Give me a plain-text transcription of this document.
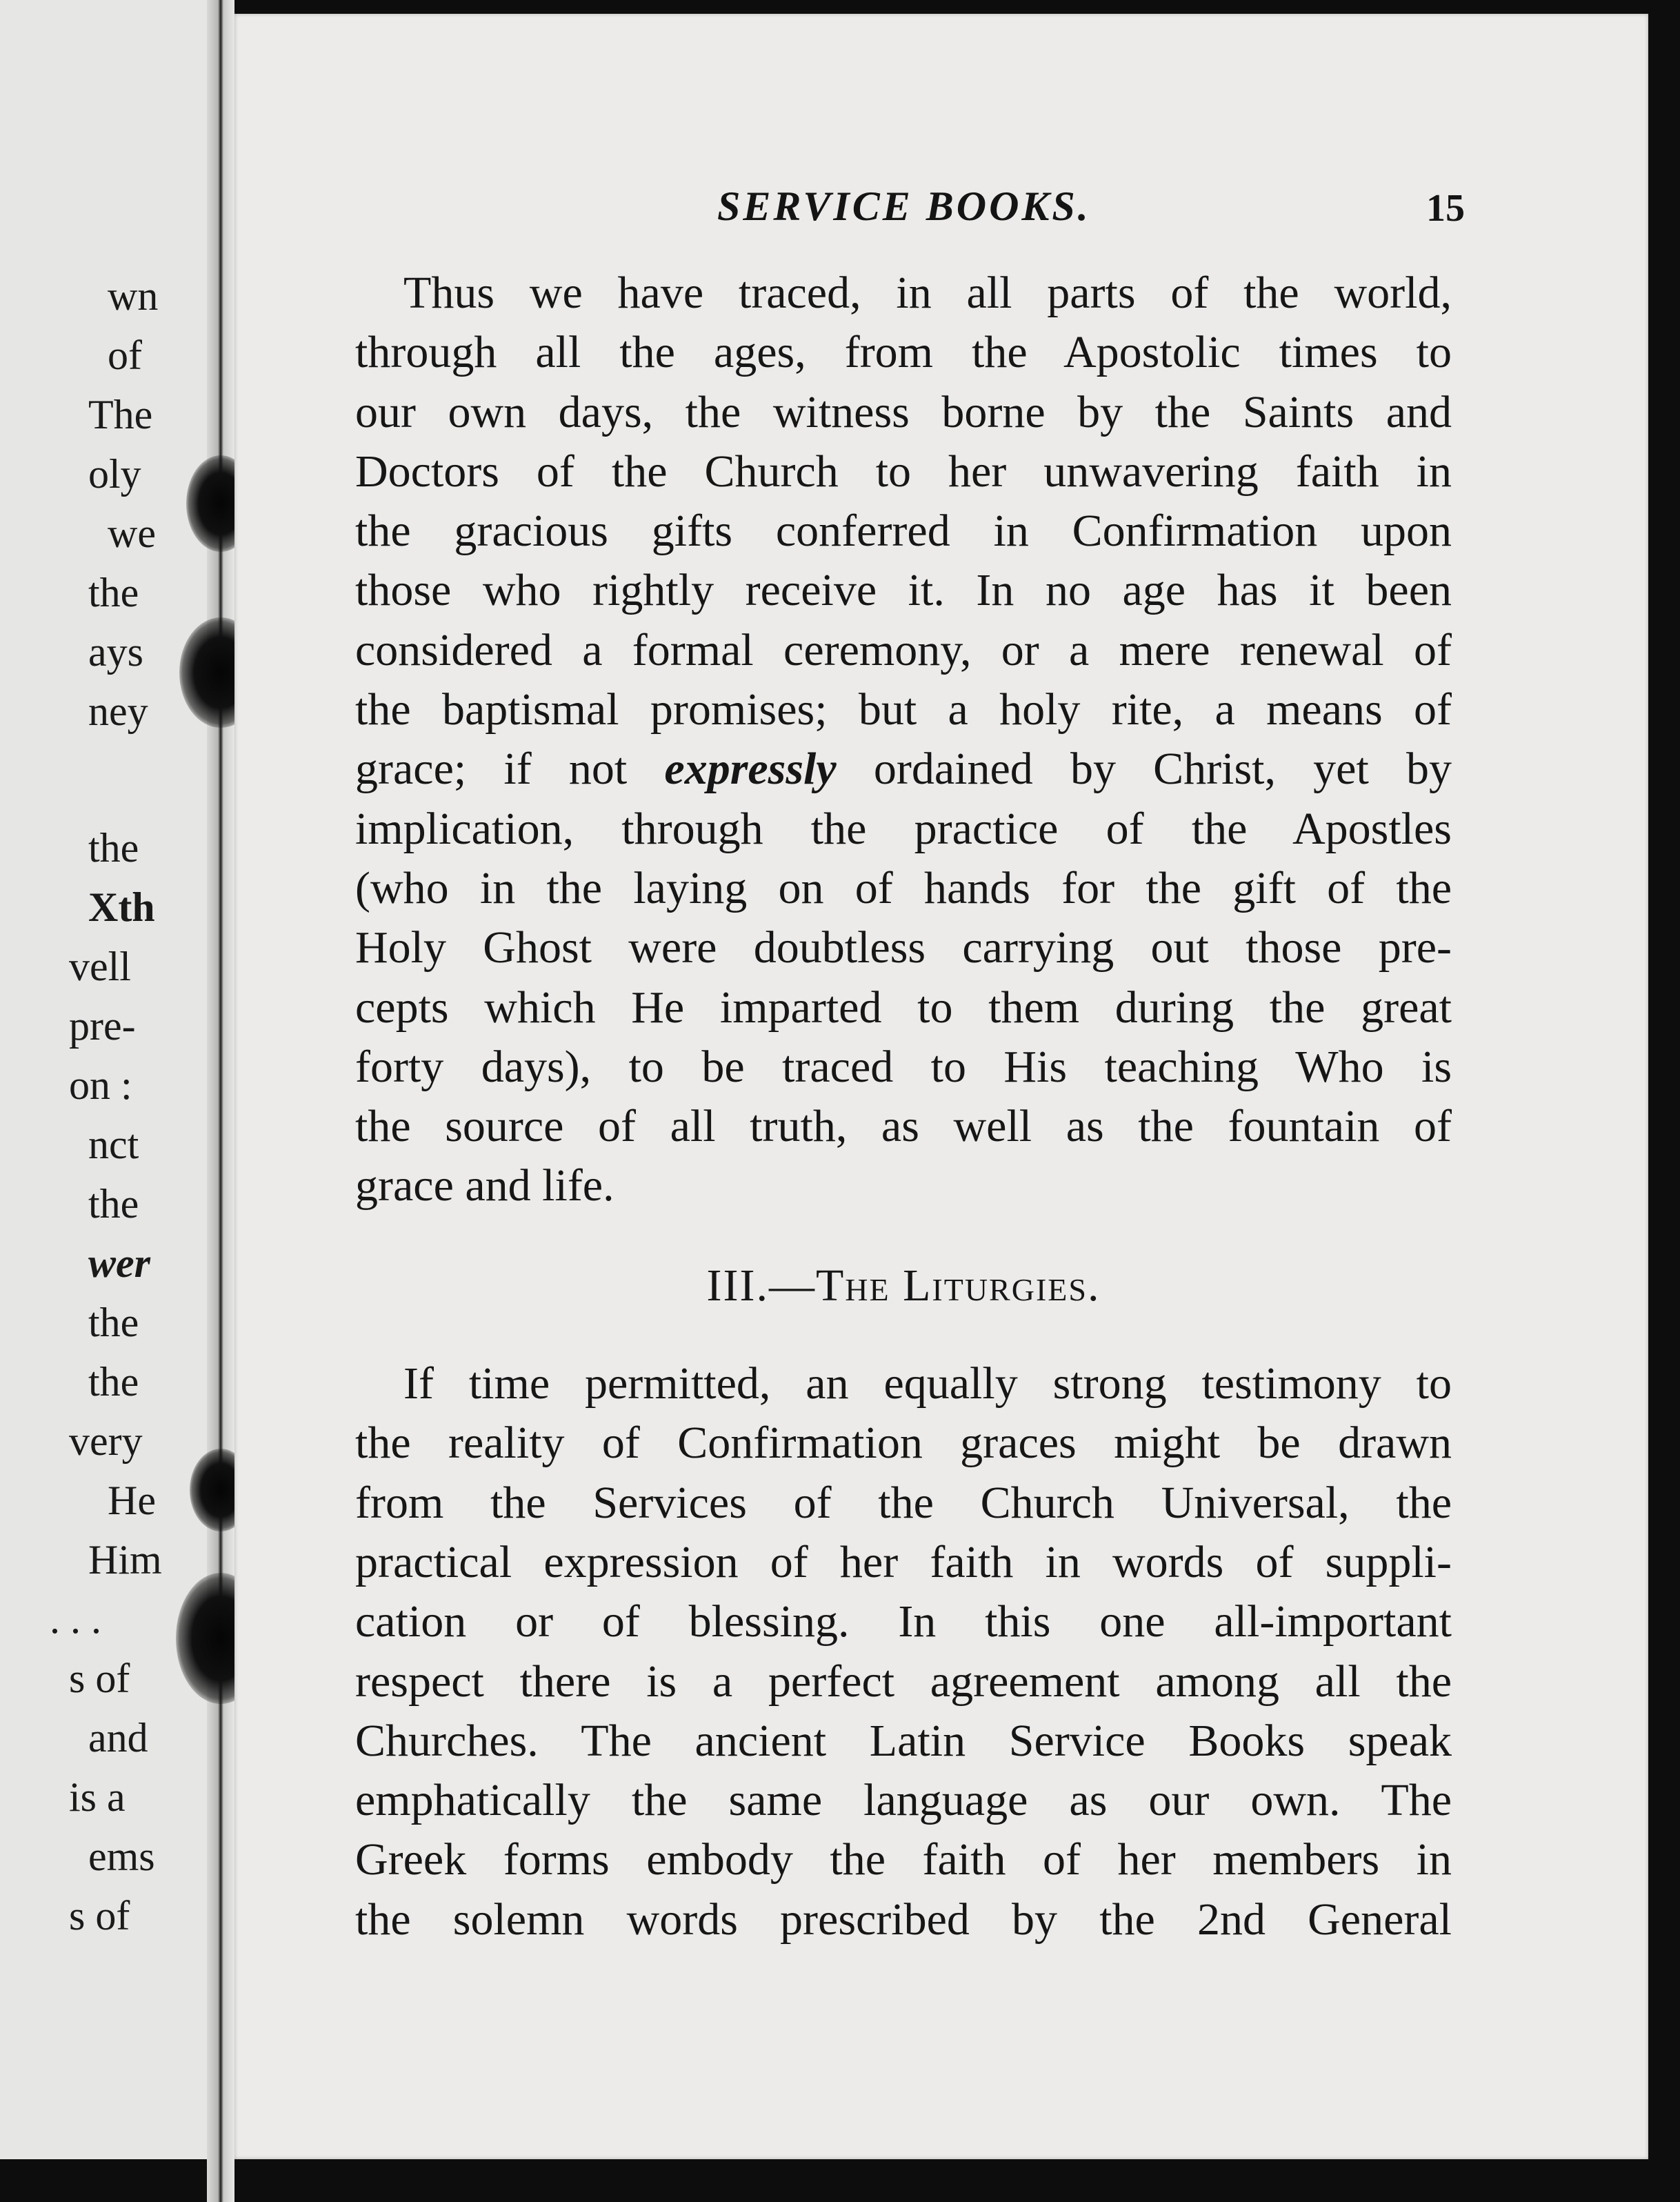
wn
of
The
oly
we
the
ays
ney
the
Xth
vell
pre-
on :
nct
the
wer
the
the
very
He
Him
. . .
s of
and
is a
ems
s of
SERVICE BOOKS.	15
Thus we have traced, in all parts of the world,
through all the ages, from the Apostolic times to
our own days, the witness borne by the Saints and
Doctors of the Church to her unwavering faith in
the gracious gifts conferred in Confirmation upon
those who rightly receive it. In no age has it been
considered a formal ceremony, or a mere renewal of
the baptismal promises; but a holy rite, a means of
grace; if not expressly ordained by Christ, yet by
implication, through the practice of the Apostles
(who in the laying on of hands for the gift of the
Holy Ghost were doubtless carrying out those pre-
cepts which He imparted to them during the great
forty days), to be traced to His teaching Who is
the source of all truth, as well as the fountain of
grace and life.
III.—The Liturgies.
If time permitted, an equally strong testimony to
the reality of Confirmation graces might be drawn
from the Services of the Church Universal, the
practical expression of her faith in words of suppli-
cation or of blessing. In this one all-important
respect there is a perfect agreement among all the
Churches. The ancient Latin Service Books speak
emphatically the same language as our own. The
Greek forms embody the faith of her members in
the solemn words prescribed by the 2nd General
